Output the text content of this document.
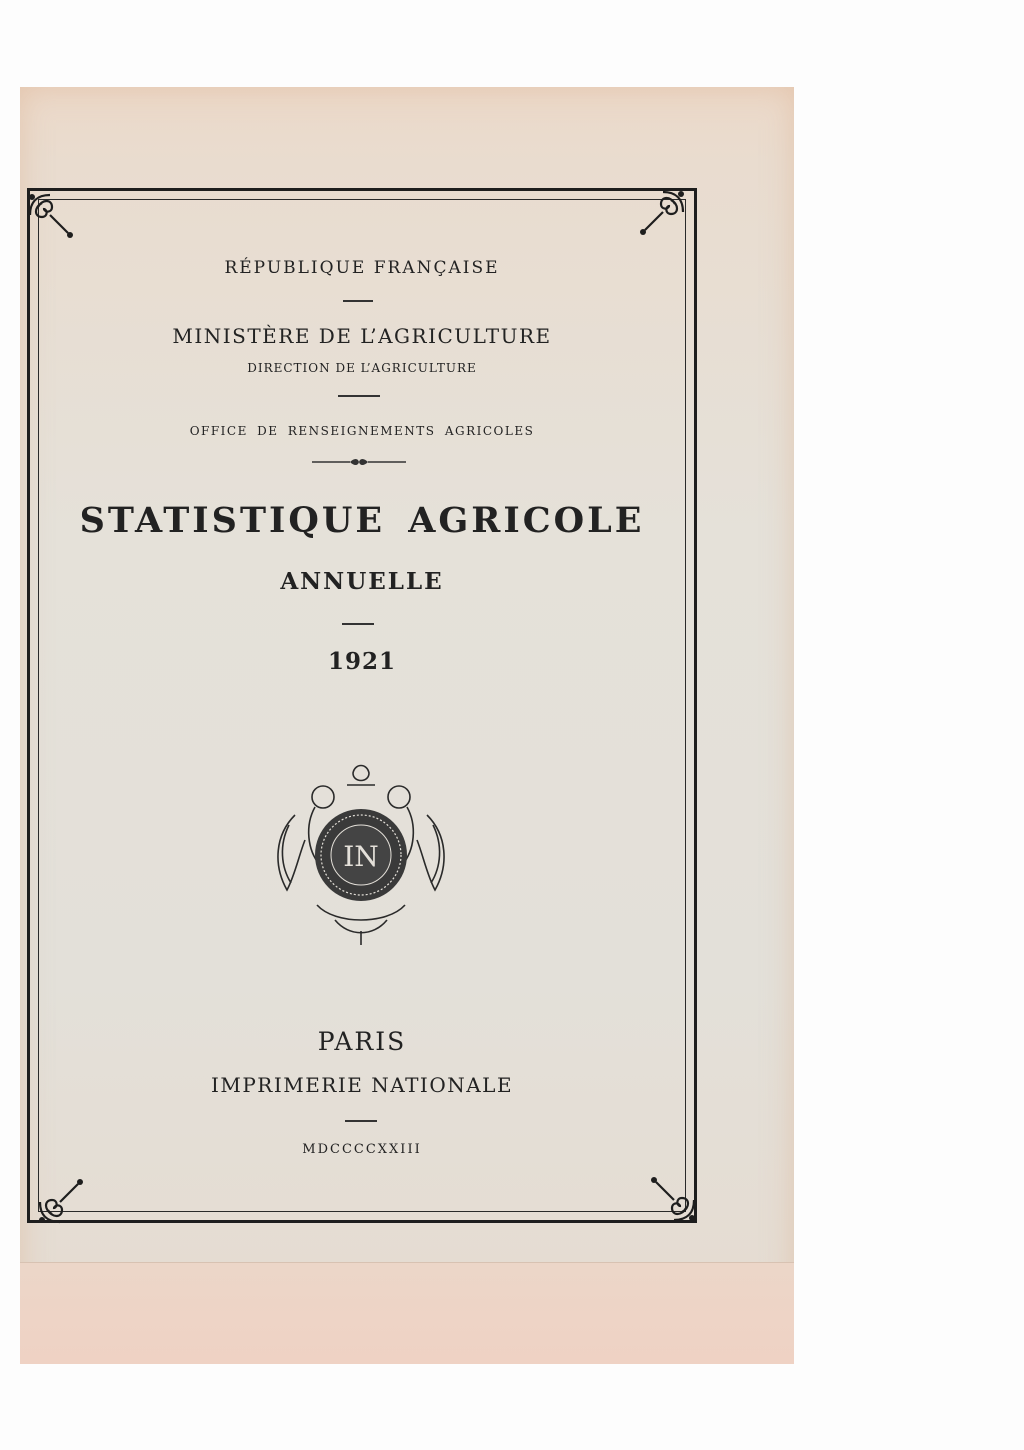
RÉPUBLIQUE FRANÇAISE
MINISTÈRE DE L’AGRICULTURE
DIRECTION DE L’AGRICULTURE
OFFICE DE RENSEIGNEMENTS AGRICOLES
STATISTIQUE AGRICOLE
ANNUELLE
1921
IN
PARIS
IMPRIMERIE NATIONALE
MDCCCCXXIII
